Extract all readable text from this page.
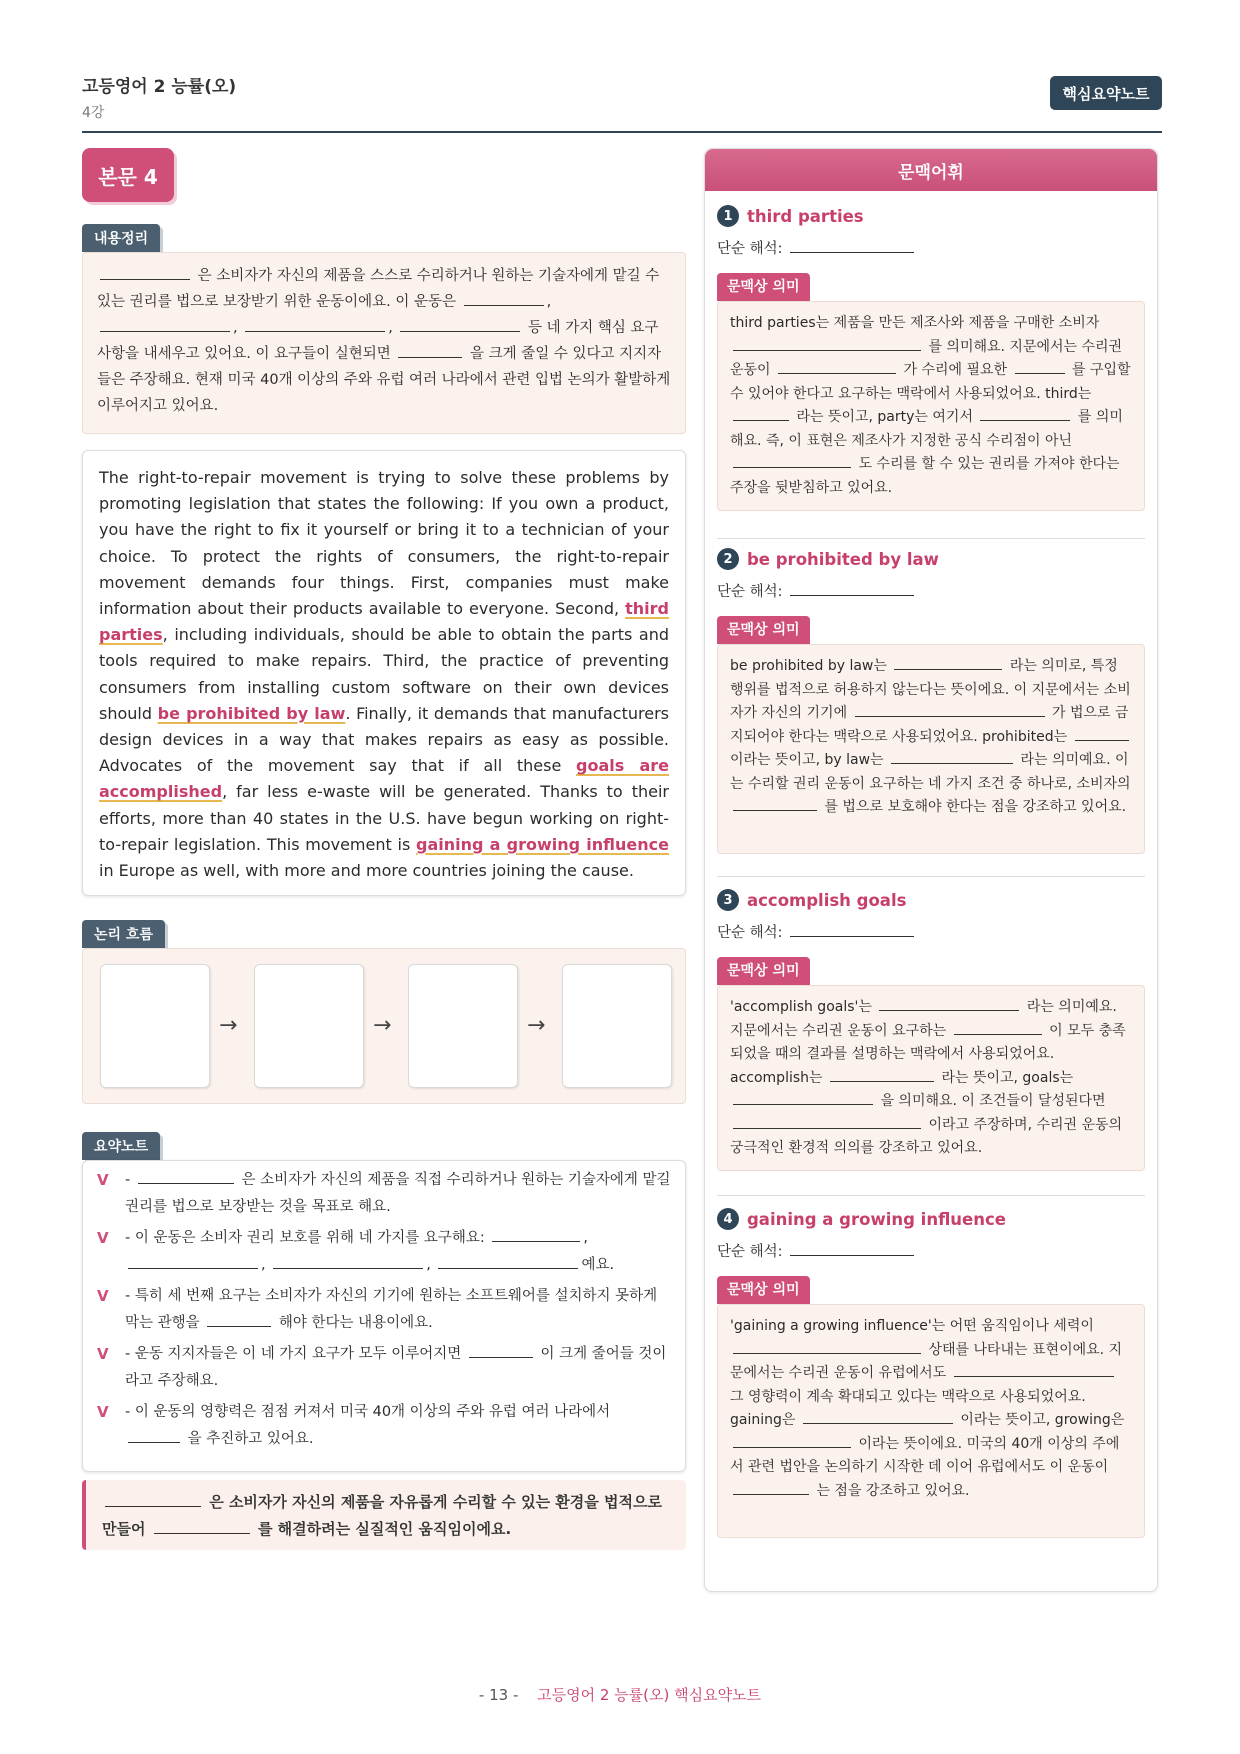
고등영어 2 능률(오)
4강
핵심요약노트
본문 4
내용정리
은 소비자가 자신의 제품을 스스로 수리하거나 원하는 기술자에게 맡길 수 있는 권리를 법으로 보장받기 위한 운동이에요. 이 운동은	, ,	,	등 네 가지 핵심 요구 사항을 내세우고 있어요. 이 요구들이 실현되면	을 크게 줄일 수 있다고 지지자들은 주장해요. 현재 미국 40개 이상의 주와 유럽 여러 나라에서 관련 입법 논의가 활발하게 이루어지고 있어요.
The right-to-repair movement is trying to solve these problems by promoting legislation that states the following: If you own a product, you have the right to fix it yourself or bring it to a technician of your choice. To protect the rights of consumers, the right-to-repair movement demands four things. First, companies must make information about their products available to everyone. Second, third parties, including individuals, should be able to obtain the parts and tools required to make repairs. Third, the practice of preventing consumers from installing custom software on their own devices should be prohibited by law. Finally, it demands that manufacturers design devices in a way that makes repairs as easy as possible. Advocates of the movement say that if all these goals are accomplished, far less e-waste will be generated. Thanks to their efforts, more than 40 states in the U.S. have begun working on right-to-repair legislation. This movement is gaining a growing influence in Europe as well, with more and more countries joining the cause.
논리 흐름
→	→	→
요약노트
V -	은 소비자가 자신의 제품을 직접 수리하거나 원하는 기술자에게 맡길 권리를 법으로 보장받는 것을 목표로 해요.
V - 이 운동은 소비자 권리 보호를 위해 네 가지를 요구해요:	, ,	,	예요.
V - 특히 세 번째 요구는 소비자가 자신의 기기에 원하는 소프트웨어를 설치하지 못하게 막는 관행을	해야 한다는 내용이에요.
V - 운동 지지자들은 이 네 가지 요구가 모두 이루어지면	이 크게 줄어들 것이라고 주장해요.
V - 이 운동의 영향력은 점점 커져서 미국 40개 이상의 주와 유럽 여러 나라에서  을 추진하고 있어요.
은 소비자가 자신의 제품을 자유롭게 수리할 수 있는 환경을 법적으로 만들어	를 해결하려는 실질적인 움직임이에요.
문맥어휘
1 third parties
단순 해석:
문맥상 의미
third parties는 제품을 만든 제조사와 제품을 구매한 소비자  를 의미해요. 지문에서는 수리권 운동이	가 수리에 필요한	를 구입할 수 있어야 한다고 요구하는 맥락에서 사용되었어요. third는  라는 뜻이고, party는 여기서	를 의미해요. 즉, 이 표현은 제조사가 지정한 공식 수리점이 아닌  도 수리를 할 수 있는 권리를 가져야 한다는 주장을 뒷받침하고 있어요.
2 be prohibited by law
단순 해석:
문맥상 의미
be prohibited by law는	라는 의미로, 특정 행위를 법적으로 허용하지 않는다는 뜻이에요. 이 지문에서는 소비자가 자신의 기기에	가 법으로 금지되어야 한다는 맥락으로 사용되었어요. prohibited는  이라는 뜻이고, by law는	라는 의미예요. 이는 수리할 권리 운동이 요구하는 네 가지 조건 중 하나로, 소비자의  를 법으로 보호해야 한다는 점을 강조하고 있어요.
3 accomplish goals
단순 해석:
문맥상 의미
'accomplish goals'는	라는 의미예요. 지문에서는 수리권 운동이 요구하는	이 모두 충족되었을 때의 결과를 설명하는 맥락에서 사용되었어요. accomplish는	라는 뜻이고, goals는  을 의미해요. 이 조건들이 달성된다면  이라고 주장하며, 수리권 운동의 궁극적인 환경적 의의를 강조하고 있어요.
4 gaining a growing influence
단순 해석:
문맥상 의미
'gaining a growing influence'는 어떤 움직임이나 세력이  상태를 나타내는 표현이에요. 지문에서는 수리권 운동이 유럽에서도  그 영향력이 계속 확대되고 있다는 맥락으로 사용되었어요. gaining은	이라는 뜻이고, growing은  이라는 뜻이에요. 미국의 40개 이상의 주에서 관련 법안을 논의하기 시작한 데 이어 유럽에서도 이 운동이  는 점을 강조하고 있어요.
- 13 - 고등영어 2 능률(오) 핵심요약노트
